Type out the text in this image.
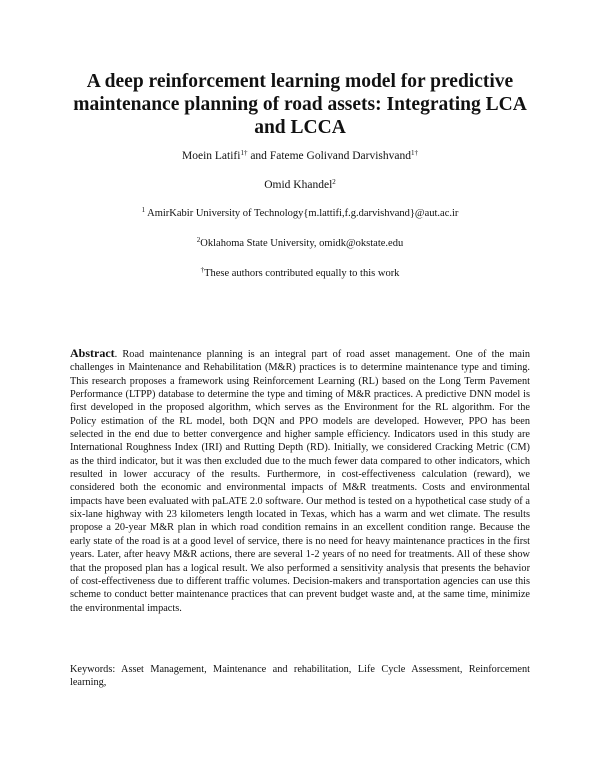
A deep reinforcement learning model for predictive maintenance planning of road assets: Integrating LCA and LCCA
Moein Latifi$^{1\dagger}$ and Fateme Golivand Darvishvand$^{1\dagger}$
Omid Khandel$^2$
$^1$ AmirKabir University of Technology{m.lattifi,f.g.darvishvand}@aut.ac.ir
$^2$Oklahoma State University, omidk@okstate.edu
†These authors contributed equally to this work

Abstract. Road maintenance planning is an integral part of road asset management. One of the main challenges in Maintenance and Rehabilitation (M&R) practices is to determine maintenance type and timing. This research proposes a framework using Reinforcement Learning (RL) based on the Long Term Pavement Performance (LTPP) database to determine the type and timing of M&R practices. A predictive DNN model is first developed in the proposed algorithm, which serves as the Environment for the RL algorithm. For the Policy estimation of the RL model, both DQN and PPO models are developed. However, PPO has been selected in the end due to better convergence and higher sample efficiency. Indicators used in this study are International Roughness Index (IRI) and Rutting Depth (RD). Initially, we considered Cracking Metric (CM) as the third indicator, but it was then excluded due to the much fewer data compared to other indicators, which resulted in lower accuracy of the results. Furthermore, in cost-effectiveness calculation (reward), we considered both the economic and environmental impacts of M&R treatments. Costs and environmental impacts have been evaluated with paLATE 2.0 software. Our method is tested on a hypothetical case study of a six-lane highway with 23 kilometers length located in Texas, which has a warm and wet climate. The results propose a 20-year M&R plan in which road condition remains in an excellent condition range. Because the early state of the road is at a good level of service, there is no need for heavy maintenance practices in the first years. Later, after heavy M&R actions, there are several 1-2 years of no need for treatments. All of these show that the proposed plan has a logical result. We also performed a sensitivity analysis that presents the behavior of cost-effectiveness due to different traffic volumes. Decision-makers and transportation agencies can use this scheme to conduct better maintenance practices that can prevent budget waste and, at the same time, minimize the environmental impacts.

Keywords: Asset Management, Maintenance and rehabilitation, Life Cycle Assessment, Reinforcement learning,
